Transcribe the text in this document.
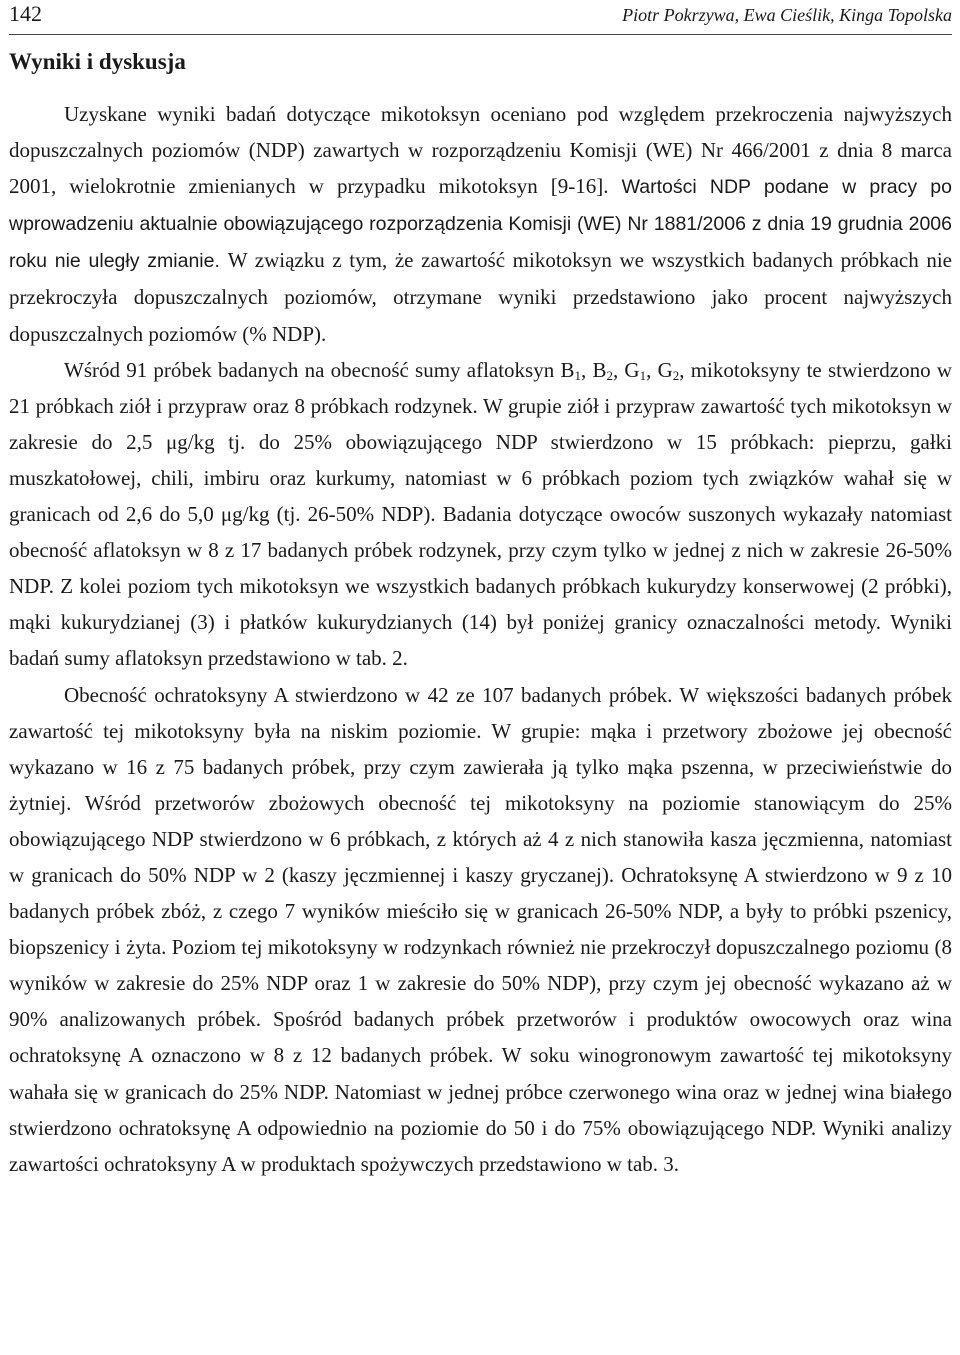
142	Piotr Pokrzywa, Ewa Cieślik, Kinga Topolska
Wyniki i dyskusja

Uzyskane wyniki badań dotyczące mikotoksyn oceniano pod względem przekroczenia najwyższych dopuszczalnych poziomów (NDP) zawartych w rozporządzeniu Komisji (WE) Nr 466/2001 z dnia 8 marca 2001, wielokrotnie zmienianych w przypadku mikotoksyn [9-16]. Wartości NDP podane w pracy po wprowadzeniu aktualnie obowiązującego rozporządzenia Komisji (WE) Nr 1881/2006 z dnia 19 grudnia 2006 roku nie uległy zmianie. W związku z tym, że zawartość mikotoksyn we wszystkich badanych próbkach nie przekroczyła dopuszczalnych poziomów, otrzymane wyniki przedstawiono jako procent najwyższych dopuszczalnych poziomów (% NDP).

Wśród 91 próbek badanych na obecność sumy aflatoksyn $B_1$, $B_2$, $G_1$, $G_2$, mikotoksyny te stwierdzono w 21 próbkach ziół i przypraw oraz 8 próbkach rodzynek. W grupie ziół i przypraw zawartość tych mikotoksyn w zakresie do 2,5 μg/kg tj. do 25% obowiązującego NDP stwierdzono w 15 próbkach: pieprzu, gałki muszkatołowej, chili, imbiru oraz kurkumy, natomiast w 6 próbkach poziom tych związków wahał się w granicach od 2,6 do 5,0 μg/kg (tj. 26-50% NDP). Badania dotyczące owoców suszonych wykazały natomiast obecność aflatoksyn w 8 z 17 badanych próbek rodzynek, przy czym tylko w jednej z nich w zakresie 26-50% NDP. Z kolei poziom tych mikotoksyn we wszystkich badanych próbkach kukurydzy konserwowej (2 próbki), mąki kukurydzianej (3) i płatków kukurydzianych (14) był poniżej granicy oznaczalności metody. Wyniki badań sumy aflatoksyn przedstawiono w tab. 2.

Obecność ochratoksyny A stwierdzono w 42 ze 107 badanych próbek. W większości badanych próbek zawartość tej mikotoksyny była na niskim poziomie. W grupie: mąka i przetwory zbożowe jej obecność wykazano w 16 z 75 badanych próbek, przy czym zawierała ją tylko mąka pszenna, w przeciwieństwie do żytniej. Wśród przetworów zbożowych obecność tej mikotoksyny na poziomie stanowiącym do 25% obowiązującego NDP stwierdzono w 6 próbkach, z których aż 4 z nich stanowiła kasza jęczmienna, natomiast w granicach do 50% NDP w 2 (kaszy jęczmiennej i kaszy gryczanej). Ochratoksynę A stwierdzono w 9 z 10 badanych próbek zbóż, z czego 7 wyników mieściło się w granicach 26-50% NDP, a były to próbki pszenicy, biopszenicy i żyta. Poziom tej mikotoksyny w rodzynkach również nie przekroczył dopuszczalnego poziomu (8 wyników w zakresie do 25% NDP oraz 1 w zakresie do 50% NDP), przy czym jej obecność wykazano aż w 90% analizowanych próbek. Spośród badanych próbek przetworów i produktów owocowych oraz wina ochratoksynę A oznaczono w 8 z 12 badanych próbek. W soku winogronowym zawartość tej mikotoksyny wahała się w granicach do 25% NDP. Natomiast w jednej próbce czerwonego wina oraz w jednej wina białego stwierdzono ochratoksynę A odpowiednio na poziomie do 50 i do 75% obowiązującego NDP. Wyniki analizy zawartości ochratoksyny A w produktach spożywczych przedstawiono w tab. 3.
